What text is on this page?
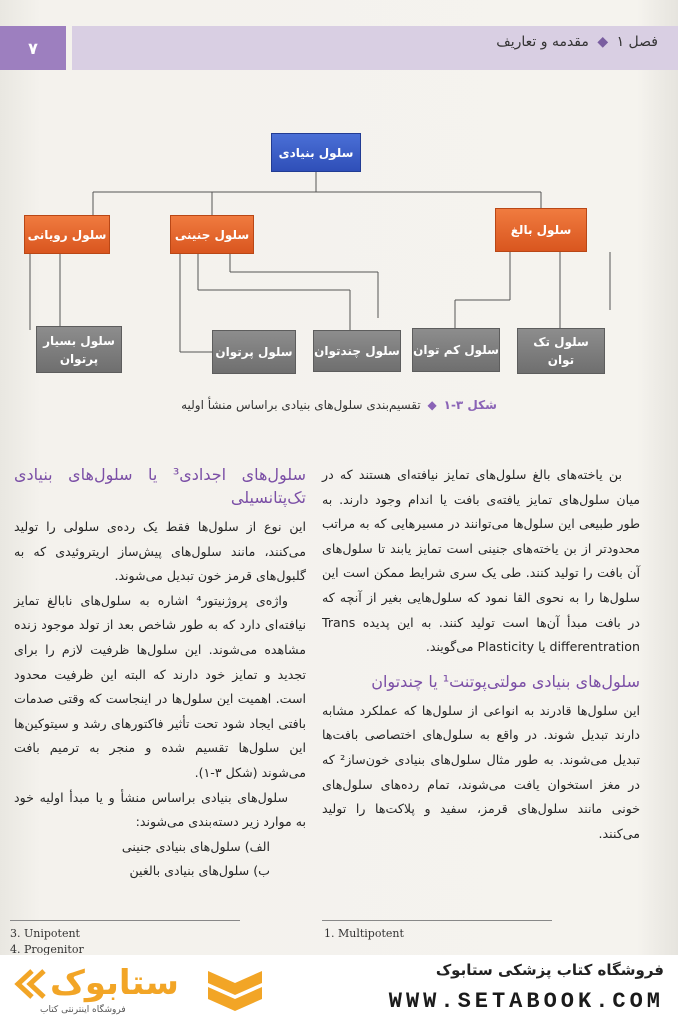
۷	فصل ۱ ◆ مقدمه و تعاریف
سلول بنیادی
سلول بالغ
سلول جنینی
سلول رویانی
سلول تک توان
سلول کم توان
سلول چندتوان
سلول پرتوان
سلول بسیار پرتوان
شکل ۳-۱ ◆ تقسیم‌بندی سلول‌های بنیادی براساس منشأ اولیه

بن یاخته‌های بالغ سلول‌های تمایز نیافته‌ای هستند که در میان سلول‌های تمایز یافته‌ی بافت یا اندام وجود دارند. به طور طبیعی این سلول‌ها می‌توانند در مسیرهایی که به مراتب محدودتر از بن یاخته‌های جنینی است تمایز یابند تا سلول‌های آن بافت را تولید کنند. طی یک سری شرایط ممکن است این سلول‌ها را به نحوی القا نمود که سلول‌هایی بغیر از آنچه که در بافت مبدأ آن‌ها است تولید کنند. به این پدیده Trans differentration یا Plasticity می‌گویند.

سلول‌های بنیادی مولتی‌پوتنت¹ یا چندتوان

این سلول‌ها قادرند به انواعی از سلول‌ها که عملکرد مشابه دارند تبدیل شوند. در واقع به سلول‌های اختصاصی بافت‌ها تبدیل می‌شوند. به طور مثال سلول‌های بنیادی خون‌ساز² که در مغز استخوان یافت می‌شوند، تمام رده‌های سلول‌های خونی مانند سلول‌های قرمز، سفید و پلاکت‌ها را تولید می‌کنند.

سلول‌های اجدادی³ یا سلول‌های بنیادی تک‌پتانسیلی

این نوع از سلول‌ها فقط یک رده‌ی سلولی را تولید می‌کنند، مانند سلول‌های پیش‌ساز اریتروئیدی که به گلبول‌های قرمز خون تبدیل می‌شوند.

واژه‌ی پروژنیتور⁴ اشاره به سلول‌های نابالغ تمایز نیافته‌ای دارد که به طور شاخص بعد از تولد موجود زنده مشاهده می‌شوند. این سلول‌ها ظرفیت لازم را برای تجدید و تمایز خود دارند که البته این ظرفیت محدود است. اهمیت این سلول‌ها در اینجاست که وقتی صدمات بافتی ایجاد شود تحت تأثیر فاکتورهای رشد و سیتوکین‌ها این سلول‌ها تقسیم شده و منجر به ترمیم بافت می‌شوند (شکل ۳-۱).

سلول‌های بنیادی براساس منشأ و یا مبدأ اولیه خود به موارد زیر دسته‌بندی می‌شوند:

الف) سلول‌های بنیادی جنینی

ب) سلول‌های بنیادی بالغین

3. Unipotent
4. Progenitor
1. Multipotent
ستابوک
فروشگاه اینترنتی کتاب
فروشگاه کتاب پزشکی ستابوک
WWW.SETABOOK.COM
